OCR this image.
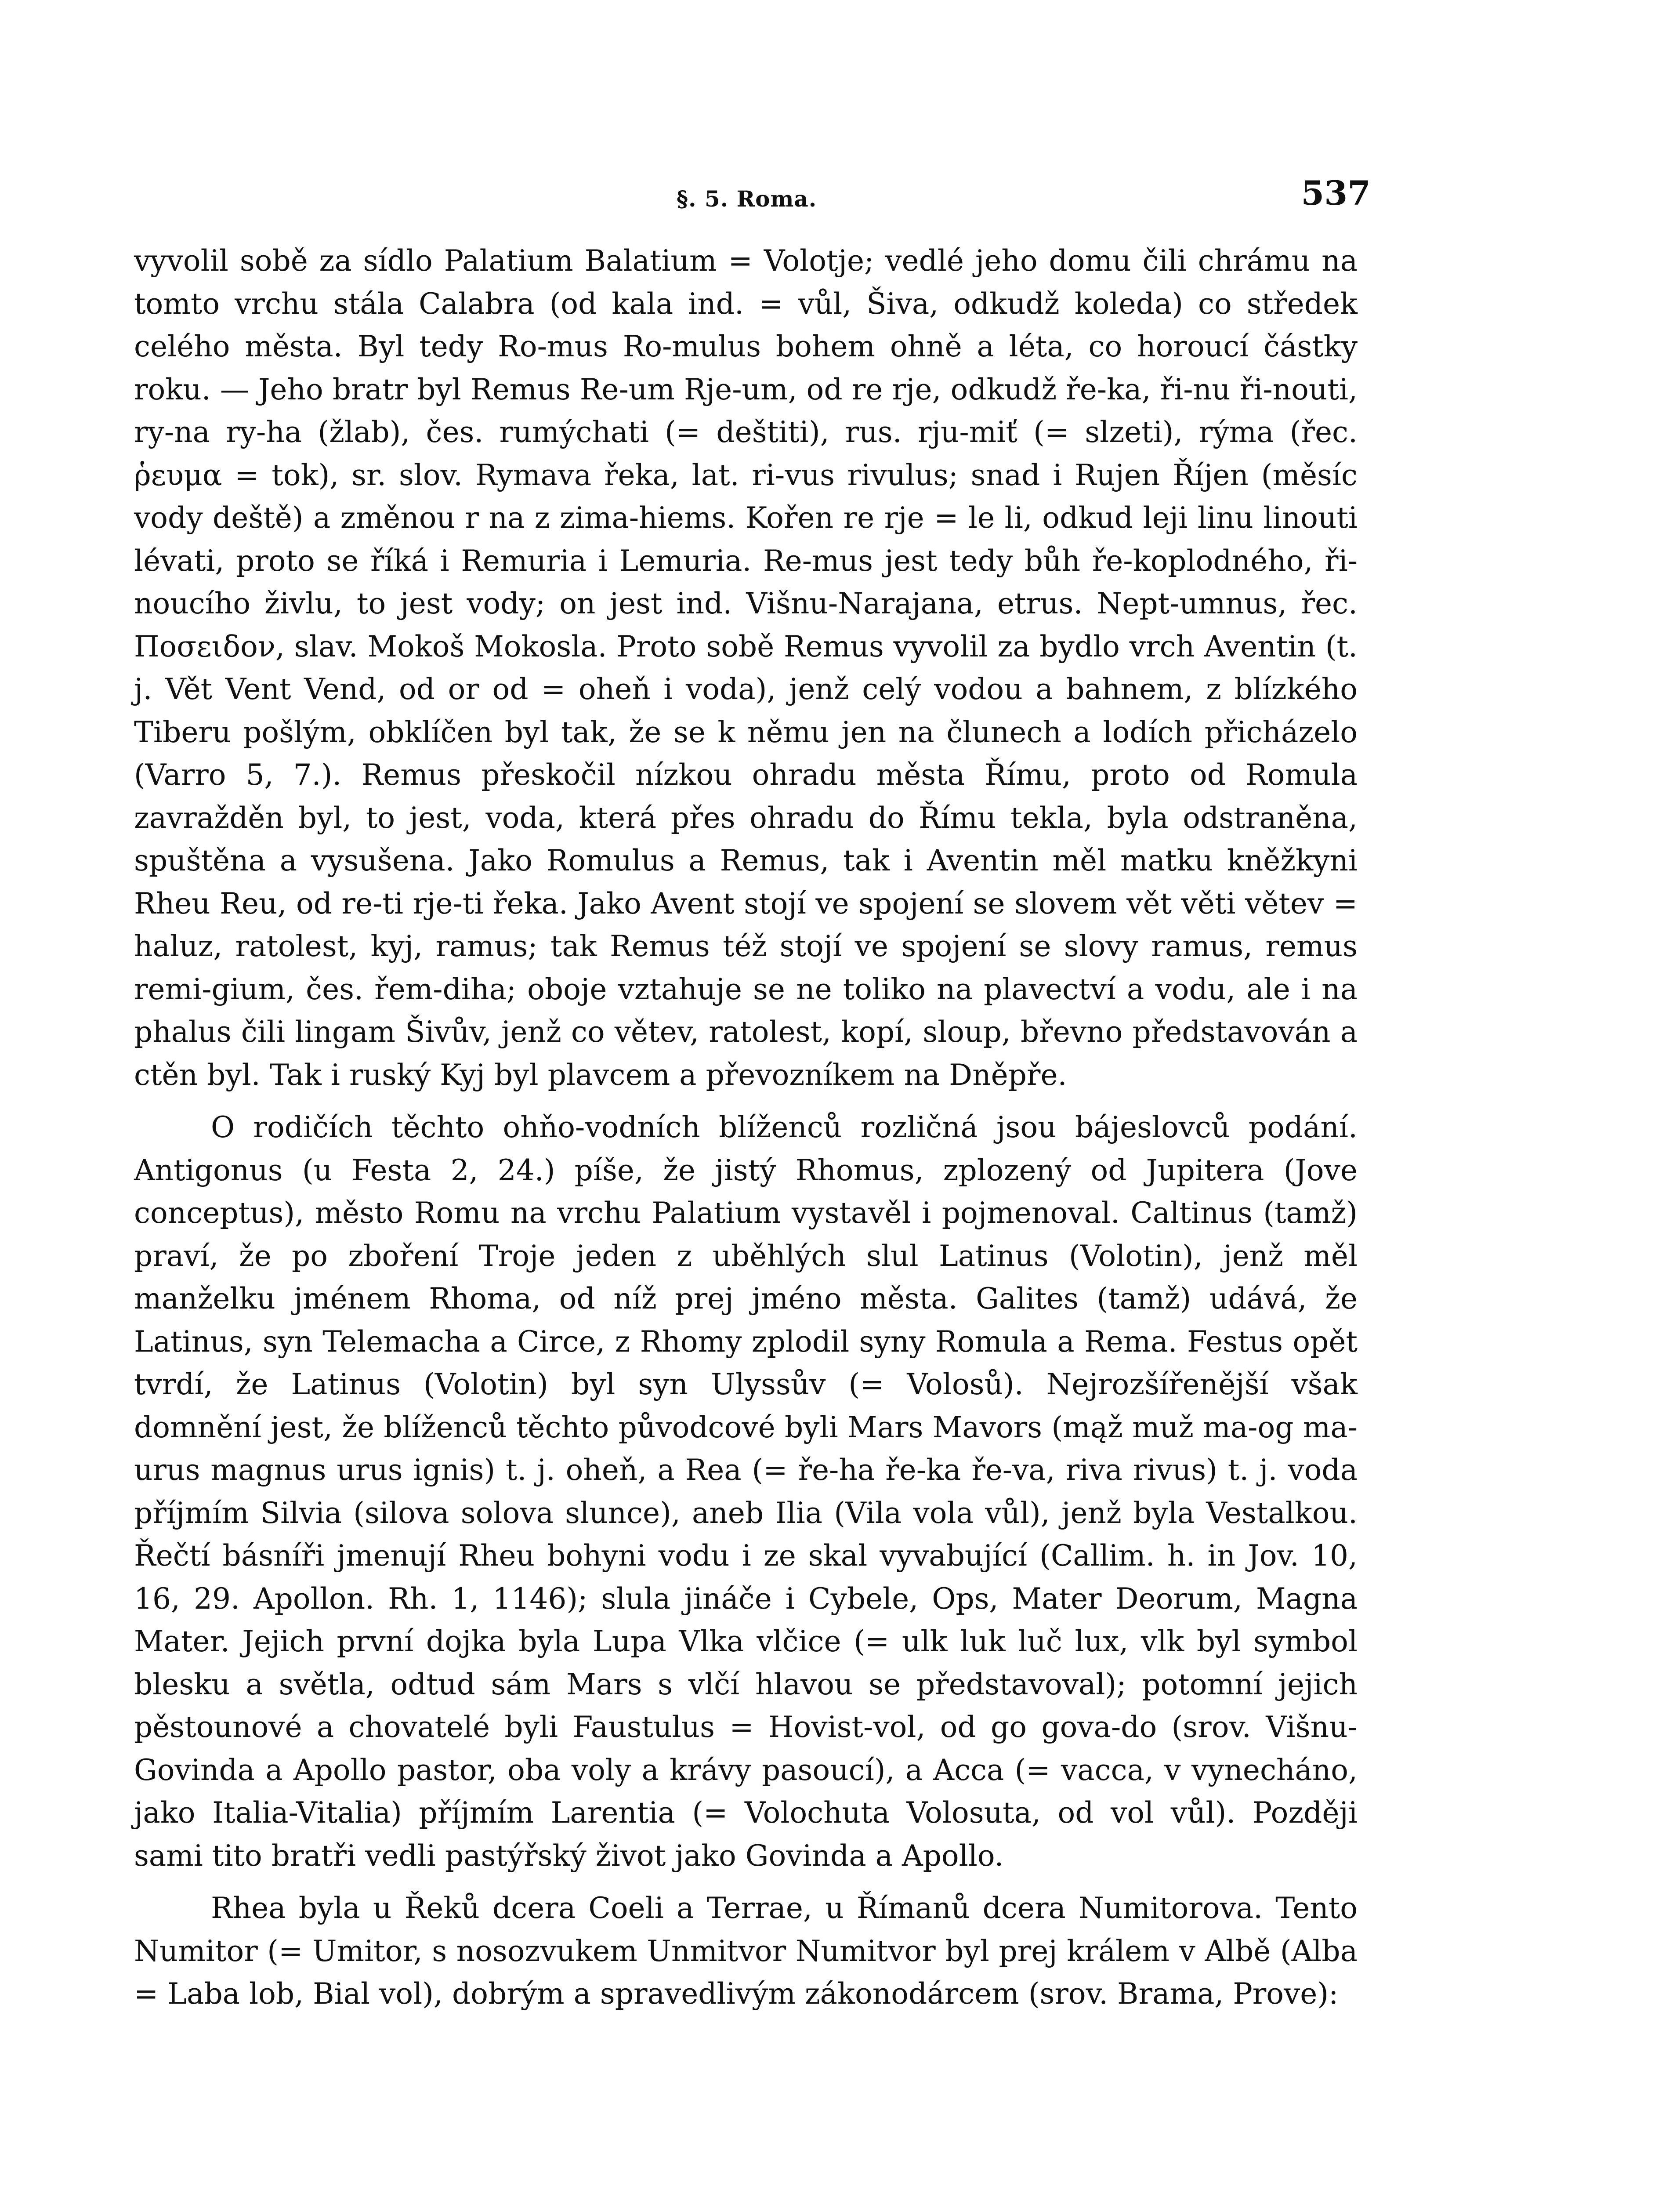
§. 5. Roma.	537

vyvolil sobě za sídlo Palatium Balatium = Volotje; vedlé jeho domu čili chrámu na tomto vrchu stála Calabra (od kala ind. = vůl, Šiva, odkudž koleda) co středek celého města. Byl tedy Ro-mus Ro-mulus bohem ohně a léta, co horoucí částky roku. — Jeho bratr byl Remus Re-um Rje-um, od re rje, odkudž ře-ka, ři-nu ři-nouti, ry-na ry-ha (žlab), čes. rumýchati (= deštiti), rus. rju-miť (= slzeti), rýma (řec. ῥευμα = tok), sr. slov. Rymava řeka, lat. ri-vus rivulus; snad i Rujen Říjen (měsíc vody deště) a změnou r na z zima-hiems. Kořen re rje = le li, odkud leji linu linouti lévati, proto se říká i Remuria i Lemuria. Re-mus jest tedy bůh ře-koplodného, ři-noucího živlu, to jest vody; on jest ind. Višnu-Narajana, etrus. Nept-umnus, řec. Ποσειδον, slav. Mokoš Mokosla. Proto sobě Remus vyvolil za bydlo vrch Aventin (t. j. Vět Vent Vend, od or od = oheň i voda), jenž celý vodou a bahnem, z blízkého Tiberu pošlým, obklíčen byl tak, že se k němu jen na člunech a lodích přicházelo (Varro 5, 7.). Remus přeskočil nízkou ohradu města Římu, proto od Romula zavražděn byl, to jest, voda, která přes ohradu do Římu tekla, byla odstraněna, spuštěna a vysušena. Jako Romulus a Remus, tak i Aventin měl matku kněžkyni Rheu Reu, od re-ti rje-ti řeka. Jako Avent stojí ve spojení se slovem vět věti větev = haluz, ratolest, kyj, ramus; tak Remus též stojí ve spojení se slovy ramus, remus remi-gium, čes. řem-diha; oboje vztahuje se ne toliko na plavectví a vodu, ale i na phalus čili lingam Šivův, jenž co větev, ratolest, kopí, sloup, břevno představován a ctěn byl. Tak i ruský Kyj byl plavcem a převozníkem na Dněpře.

O rodičích těchto ohňo-vodních blíženců rozličná jsou bájeslovců podání. Antigonus (u Festa 2, 24.) píše, že jistý Rhomus, zplozený od Jupitera (Jove conceptus), město Romu na vrchu Palatium vystavěl i pojmenoval. Caltinus (tamž) praví, že po zboření Troje jeden z uběhlých slul Latinus (Volotin), jenž měl manželku jménem Rhoma, od níž prej jméno města. Galites (tamž) udává, že Latinus, syn Telemacha a Circe, z Rhomy zplodil syny Romula a Rema. Festus opět tvrdí, že Latinus (Volotin) byl syn Ulyssův (= Volosů). Nejrozšířenější však domnění jest, že blíženců těchto původcové byli Mars Mavors (mąž muž ma-og ma-urus magnus urus ignis) t. j. oheň, a Rea (= ře-ha ře-ka ře-va, riva rivus) t. j. voda příjmím Silvia (silova solova slunce), aneb Ilia (Vila vola vůl), jenž byla Vestalkou. Řečtí básníři jmenují Rheu bohyni vodu i ze skal vyvabující (Callim. h. in Jov. 10, 16, 29. Apollon. Rh. 1, 1146); slula jináče i Cybele, Ops, Mater Deorum, Magna Mater. Jejich první dojka byla Lupa Vlka vlčice (= ulk luk luč lux, vlk byl symbol blesku a světla, odtud sám Mars s vlčí hlavou se představoval); potomní jejich pěstounové a chovatelé byli Faustulus = Hovist-vol, od go gova-do (srov. Višnu-Govinda a Apollo pastor, oba voly a krávy pasoucí), a Acca (= vacca, v vynecháno, jako Italia-Vitalia) příjmím Larentia (= Volochuta Volosuta, od vol vůl). Později sami tito bratři vedli pastýřský život jako Govinda a Apollo.

Rhea byla u Řeků dcera Coeli a Terrae, u Římanů dcera Numitorova. Tento Numitor (= Umitor, s nosozvukem Unmitvor Numitvor byl prej králem v Albě (Alba = Laba lob, Bial vol), dobrým a spravedlivým zákonodárcem (srov. Brama, Prove):
